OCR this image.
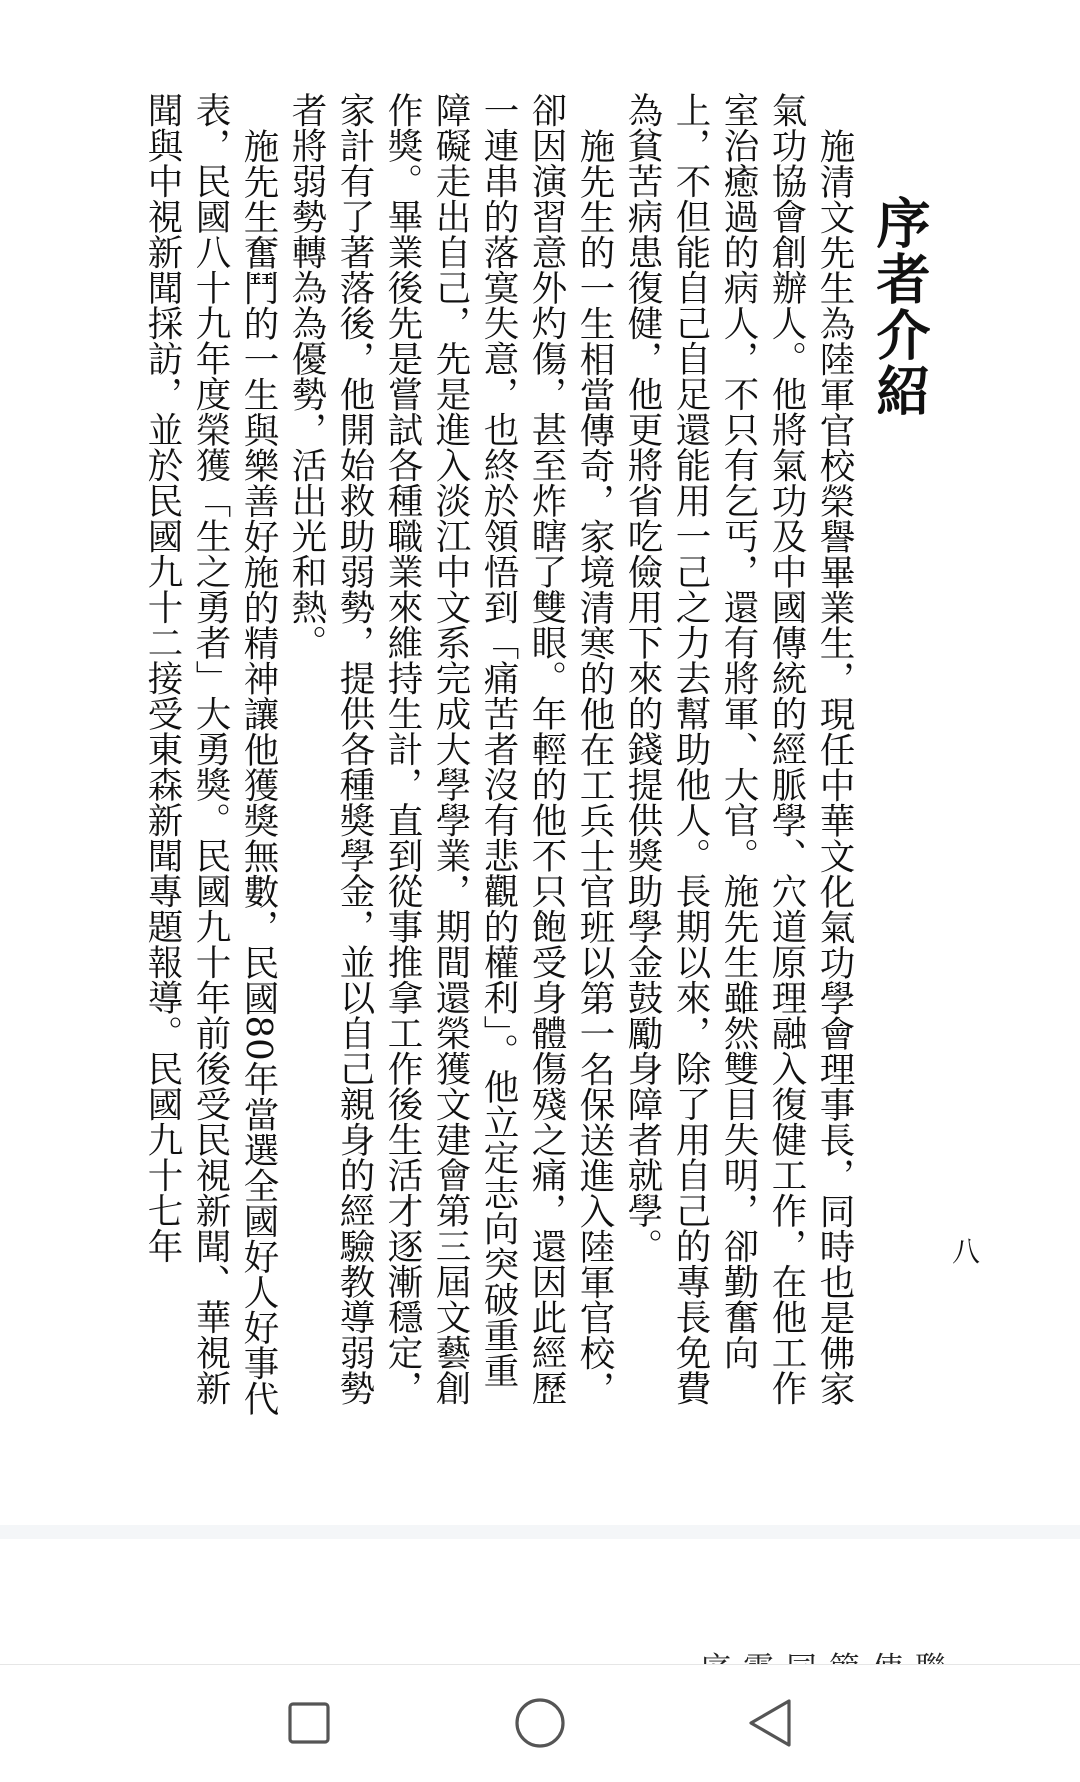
序者介紹
八

施清文先生為陸軍官校榮譽畢業生，現任中華文化氣功學會理事長，同時也是佛家氣功協會創辦人。他將氣功及中國傳統的經脈學、穴道原理融入復健工作，在他工作室治癒過的病人，不只有乞丐，還有將軍、大官。施先生雖然雙目失明，卻勤奮向上，不但能自己自足還能用一己之力去幫助他人。長期以來，除了用自己的專長免費為貧苦病患復健，他更將省吃儉用下來的錢提供獎助學金鼓勵身障者就學。

施先生的一生相當傳奇，家境清寒的他在工兵士官班以第一名保送進入陸軍官校，卻因演習意外灼傷，甚至炸瞎了雙眼。年輕的他不只飽受身體傷殘之痛，還因此經歷一連串的落寞失意，也終於領悟到「痛苦者沒有悲觀的權利」。他立定志向突破重重障礙走出自己，先是進入淡江中文系完成大學學業，期間還榮獲文建會第三屆文藝創作獎。畢業後先是嘗試各種職業來維持生計，直到從事推拿工作後生活才逐漸穩定，家計有了著落後，他開始救助弱勢，提供各種獎學金，並以自己親身的經驗教導弱勢者將弱勢轉為為優勢，活出光和熱。

施先生奮鬥的一生與樂善好施的精神讓他獲獎無數，民國80年當選全國好人好事代表，民國八十九年度榮獲「生之勇者」大勇獎。民國九十年前後受民視新聞、華視新聞與中視新聞採訪，並於民國九十二接受東森新聞專題報導。民國九十七年
